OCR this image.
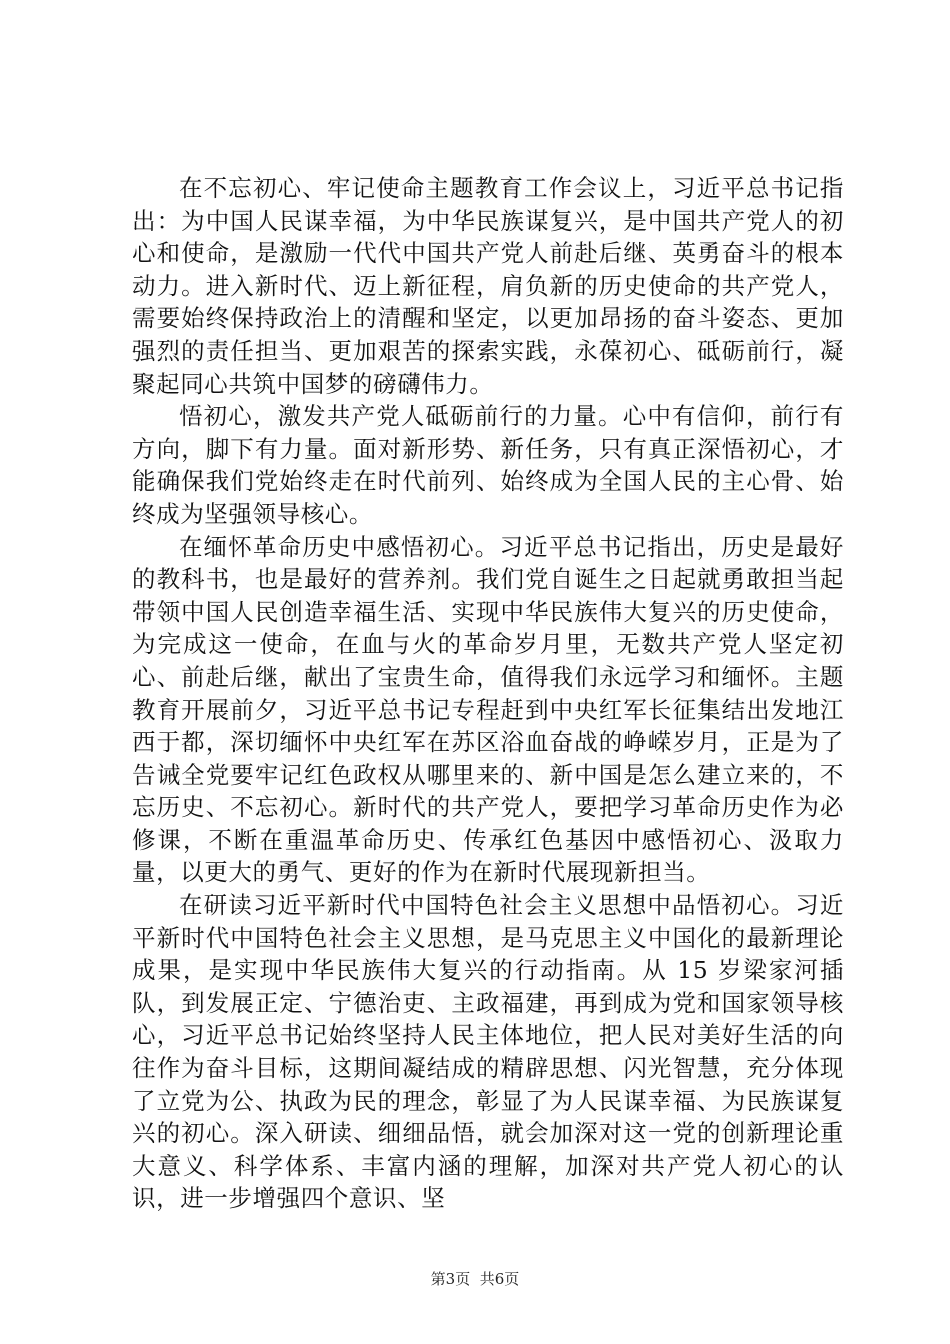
在不忘初心、牢记使命主题教育工作会议上，习近平总书记指出：为中国人民谋幸福，为中华民族谋复兴，是中国共产党人的初心和使命，是激励一代代中国共产党人前赴后继、英勇奋斗的根本动力。进入新时代、迈上新征程，肩负新的历史使命的共产党人，需要始终保持政治上的清醒和坚定，以更加昂扬的奋斗姿态、更加强烈的责任担当、更加艰苦的探索实践，永葆初心、砥砺前行，凝聚起同心共筑中国梦的磅礴伟力。

悟初心，激发共产党人砥砺前行的力量。心中有信仰，前行有方向，脚下有力量。面对新形势、新任务，只有真正深悟初心，才能确保我们党始终走在时代前列、始终成为全国人民的主心骨、始终成为坚强领导核心。

在缅怀革命历史中感悟初心。习近平总书记指出，历史是最好的教科书，也是最好的营养剂。我们党自诞生之日起就勇敢担当起带领中国人民创造幸福生活、实现中华民族伟大复兴的历史使命，为完成这一使命，在血与火的革命岁月里，无数共产党人坚定初心、前赴后继，献出了宝贵生命，值得我们永远学习和缅怀。主题教育开展前夕，习近平总书记专程赶到中央红军长征集结出发地江西于都，深切缅怀中央红军在苏区浴血奋战的峥嵘岁月，正是为了告诫全党要牢记红色政权从哪里来的、新中国是怎么建立来的，不忘历史、不忘初心。新时代的共产党人，要把学习革命历史作为必修课，不断在重温革命历史、传承红色基因中感悟初心、汲取力量，以更大的勇气、更好的作为在新时代展现新担当。

在研读习近平新时代中国特色社会主义思想中品悟初心。习近平新时代中国特色社会主义思想，是马克思主义中国化的最新理论成果，是实现中华民族伟大复兴的行动指南。从 15 岁梁家河插队，到发展正定、宁德治吏、主政福建，再到成为党和国家领导核心，习近平总书记始终坚持人民主体地位，把人民对美好生活的向往作为奋斗目标，这期间凝结成的精辟思想、闪光智慧，充分体现了立党为公、执政为民的理念，彰显了为人民谋幸福、为民族谋复兴的初心。深入研读、细细品悟，就会加深对这一党的创新理论重大意义、科学体系、丰富内涵的理解，加深对共产党人初心的认识，进一步增强四个意识、坚

第3页 共6页
